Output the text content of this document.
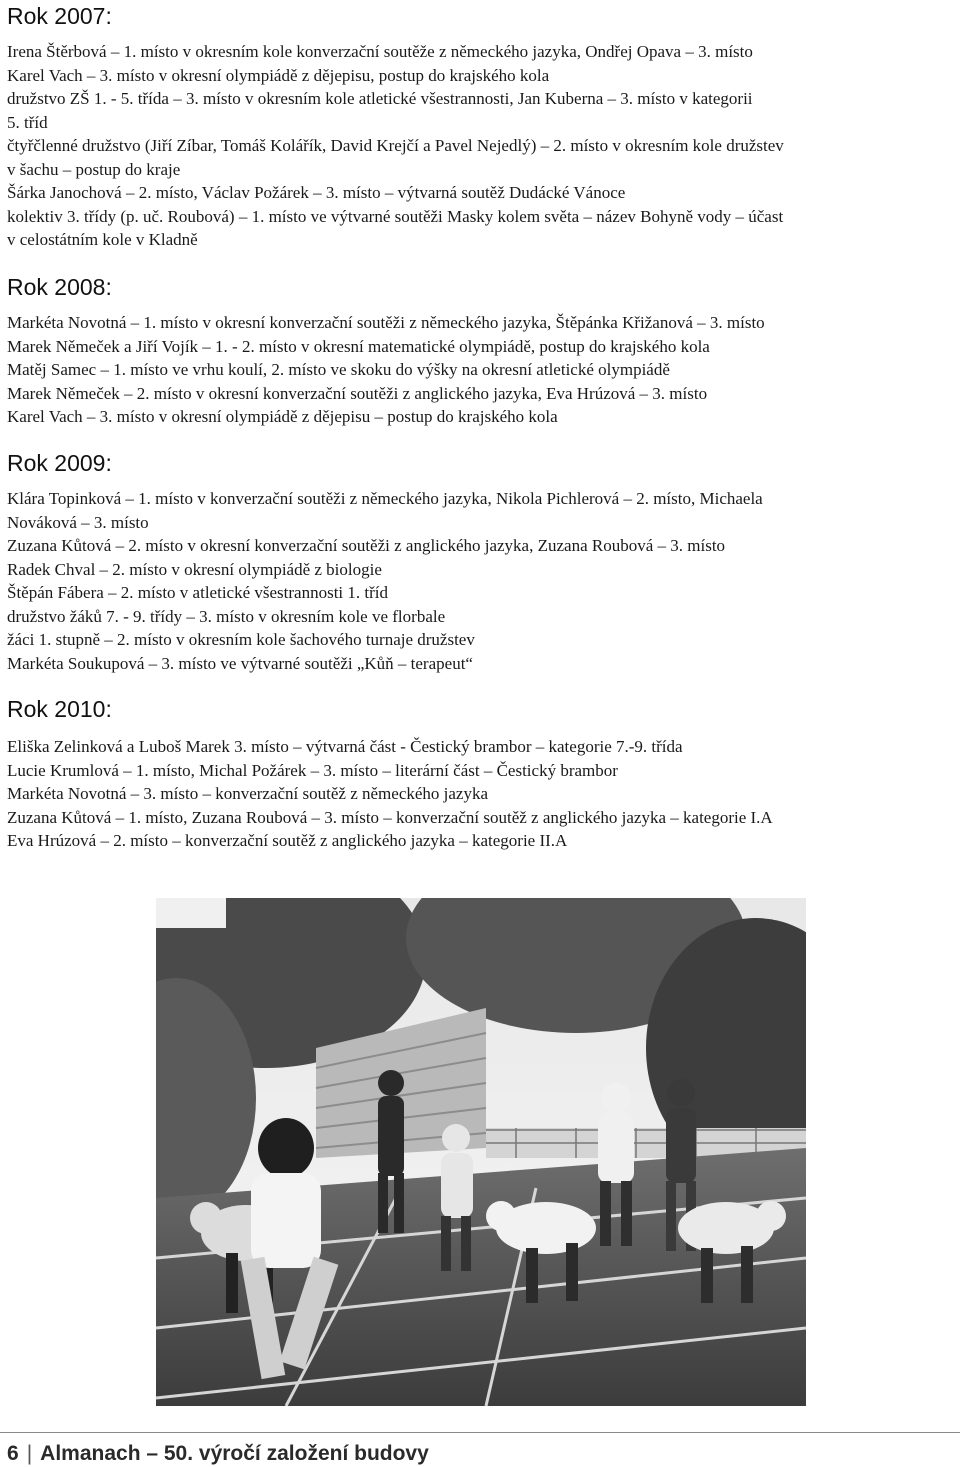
Rok 2007:
Irena Štěrbová – 1. místo v okresním kole konverzační soutěže z německého jazyka, Ondřej Opava – 3. místo
Karel Vach – 3. místo v okresní olympiádě z dějepisu, postup do krajského kola
družstvo ZŠ 1. - 5. třída – 3. místo v okresním kole atletické všestrannosti, Jan Kuberna – 3. místo v kategorii
5. tříd
čtyřčlenné družstvo (Jiří Zíbar, Tomáš Kolářík, David Krejčí a Pavel Nejedlý) – 2. místo v okresním kole družstev
v šachu – postup do kraje
Šárka Janochová – 2. místo, Václav Požárek – 3. místo – výtvarná soutěž Dudácké Vánoce
kolektiv 3. třídy (p. uč. Roubová) – 1. místo ve výtvarné soutěži Masky kolem světa – název Bohyně vody – účast
v celostátním kole v Kladně
Rok 2008:
Markéta Novotná – 1. místo v okresní konverzační soutěži z německého jazyka, Štěpánka Křižanová – 3. místo
Marek Němeček a Jiří Vojík – 1. - 2. místo v okresní matematické olympiádě, postup do krajského kola
Matěj Samec – 1. místo ve vrhu koulí, 2. místo ve skoku do výšky na okresní atletické olympiádě
Marek Němeček – 2. místo v okresní konverzační soutěži z anglického jazyka, Eva Hrúzová – 3. místo
Karel Vach – 3. místo v okresní olympiádě z dějepisu – postup do krajského kola
Rok 2009:
Klára Topinková – 1. místo v konverzační soutěži z německého jazyka, Nikola Pichlerová – 2. místo, Michaela
Nováková – 3. místo
Zuzana Kůtová – 2. místo v okresní konverzační soutěži z anglického jazyka, Zuzana Roubová – 3. místo
Radek Chval – 2. místo v okresní olympiádě z biologie
Štěpán Fábera – 2. místo v atletické všestrannosti 1. tříd
družstvo žáků 7. - 9. třídy – 3. místo v okresním kole ve florbale
žáci 1. stupně – 2. místo v okresním kole šachového turnaje družstev
Markéta Soukupová – 3. místo ve výtvarné soutěži „Kůň – terapeut“
Rok 2010:
Eliška Zelinková a Luboš Marek 3. místo – výtvarná část - Čestický brambor – kategorie 7.-9. třída
Lucie Krumlová – 1. místo, Michal Požárek – 3. místo – literární část – Čestický brambor
Markéta Novotná – 3. místo – konverzační soutěž z německého jazyka
Zuzana Kůtová – 1. místo, Zuzana Roubová – 3. místo – konverzační soutěž z anglického jazyka – kategorie I.A
Eva Hrúzová – 2. místo – konverzační soutěž z anglického jazyka – kategorie II.A
6 | Almanach – 50. výročí založení budovy
